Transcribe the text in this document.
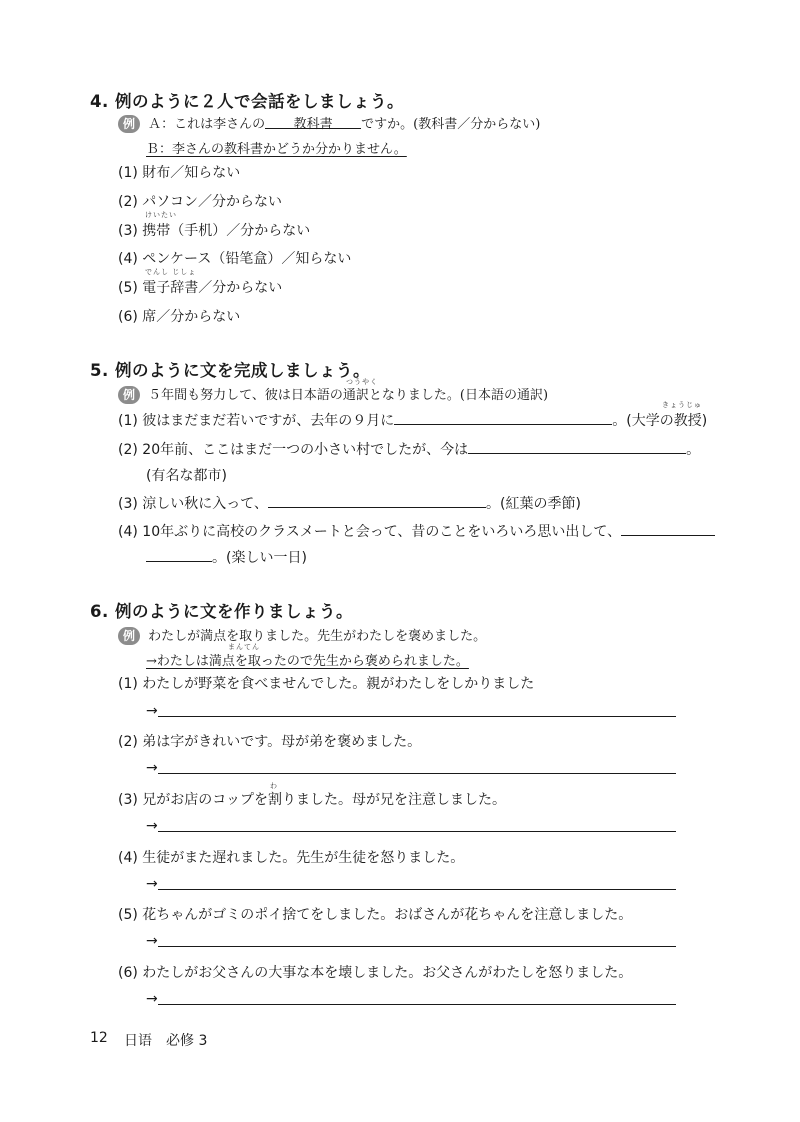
4. 例のように２人で会話をしましょう。
例 Ａ：これは李さんの 教科書 ですか。(教科書／分からない)
Ｂ：李さんの教科書かどうか分かりません。
(1) 財布／知らない
(2) パソコン／分からない
けいたい
(3) 携帯（手机）／分からない
(4) ペンケース（铅笔盒）／知らない
でんし じしょ
(5) 電子辞書／分からない
(6) 席／分からない
5. 例のように文を完成しましょう。
つうやく
例 ５年間も努力して、彼は日本語の通訳となりました。(日本語の通訳)
(1) 彼はまだまだ若いですが、去年の９月に	。(大学の教授)
きょうじゅ
(2) 20年前、ここはまだ一つの小さい村でしたが、今は	。
(有名な都市)
(3) 涼しい秋に入って、	。(紅葉の季節)
(4) 10年ぶりに高校のクラスメートと会って、昔のことをいろいろ思い出して、
。(楽しい一日)
6. 例のように文を作りましょう。
例 わたしが満点を取りました。先生がわたしを褒めました。
まんてん
→わたしは満点を取ったので先生から褒められました。
(1) わたしが野菜を食べませんでした。親がわたしをしかりました
→
(2) 弟は字がきれいです。母が弟を褒めました。
→
わ
(3) 兄がお店のコップを割りました。母が兄を注意しました。
→
(4) 生徒がまた遅れました。先生が生徒を怒りました。
→
(5) 花ちゃんがゴミのポイ捨てをしました。おばさんが花ちゃんを注意しました。
→
(6) わたしがお父さんの大事な本を壊しました。お父さんがわたしを怒りました。
→
12 日语　必修 3
